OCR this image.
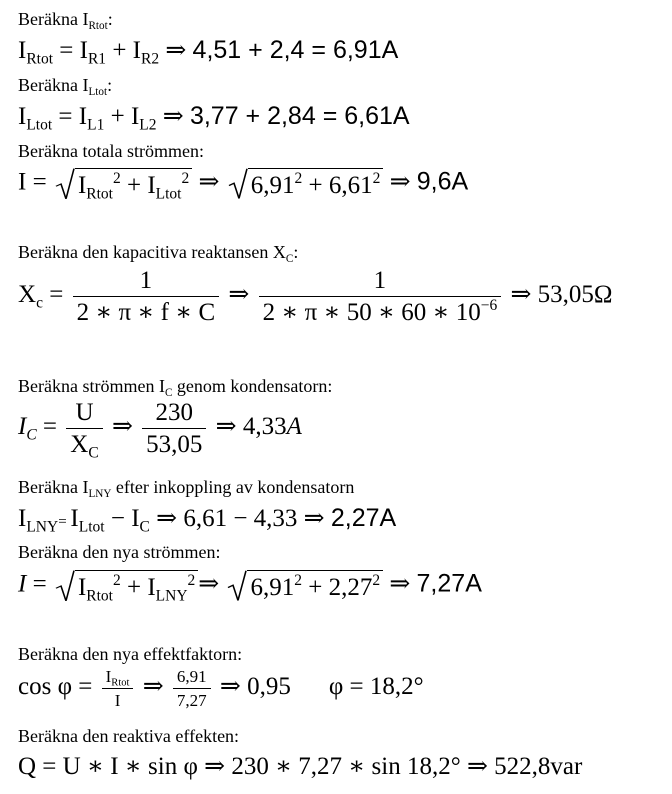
Beräkna $I_{Rtot}$:
$I_{Rtot} = I_{R1} + I_{R2}$ ⇒ 4,51 + 2,4 = 6,91A
Beräkna $I_{Ltot}$:
$I_{Ltot} = I_{L1} + I_{L2}$ ⇒ 3,77 + 2,84 = 6,61A
Beräkna totala strömmen:
I =
$I_{Rtot}^2 + I_{Ltot}^2$ ⇒
$6,91^2 + 6,61^2$ ⇒ 9,6A
Beräkna den kapacitiva reaktansen $X_C$:
$X_c = \frac{1}{2 ∗ \pi ∗ f ∗ C}$ ⇒ $\frac{1}{2 ∗ \pi ∗ 50 ∗ 60 ∗ 10^{-6}}$ ⇒ 53,05Ω
Beräkna strömmen $I_C$ genom kondensatorn:
$I_C = \frac{U}{X_C}$ ⇒ $\frac{230}{53,05}$ ⇒ 4,33A
Beräkna $I_{LNY}$ efter inkoppling av kondensatorn
$I_{LNY}= I_{Ltot} - I_C$ ⇒ 6,61 − 4,33 ⇒ 2,27A
Beräkna den nya strömmen:
I =
$I_{Rtot}^2 + I_{LNY}^2$ ⇒
$6,91^2 + 2,27^2$ ⇒ 7,27A
Beräkna den nya effektfaktorn:
$\cos \varphi = \frac{I_{Rtot}}{I}$ ⇒ $\frac{6,91}{7,27}$ ⇒ 0,95 φ = 18,2°
Beräkna den reaktiva effekten:
Q = U ∗ I ∗ sin φ ⇒ 230 ∗ 7,27 ∗ sin 18,2° ⇒ 522,8var
